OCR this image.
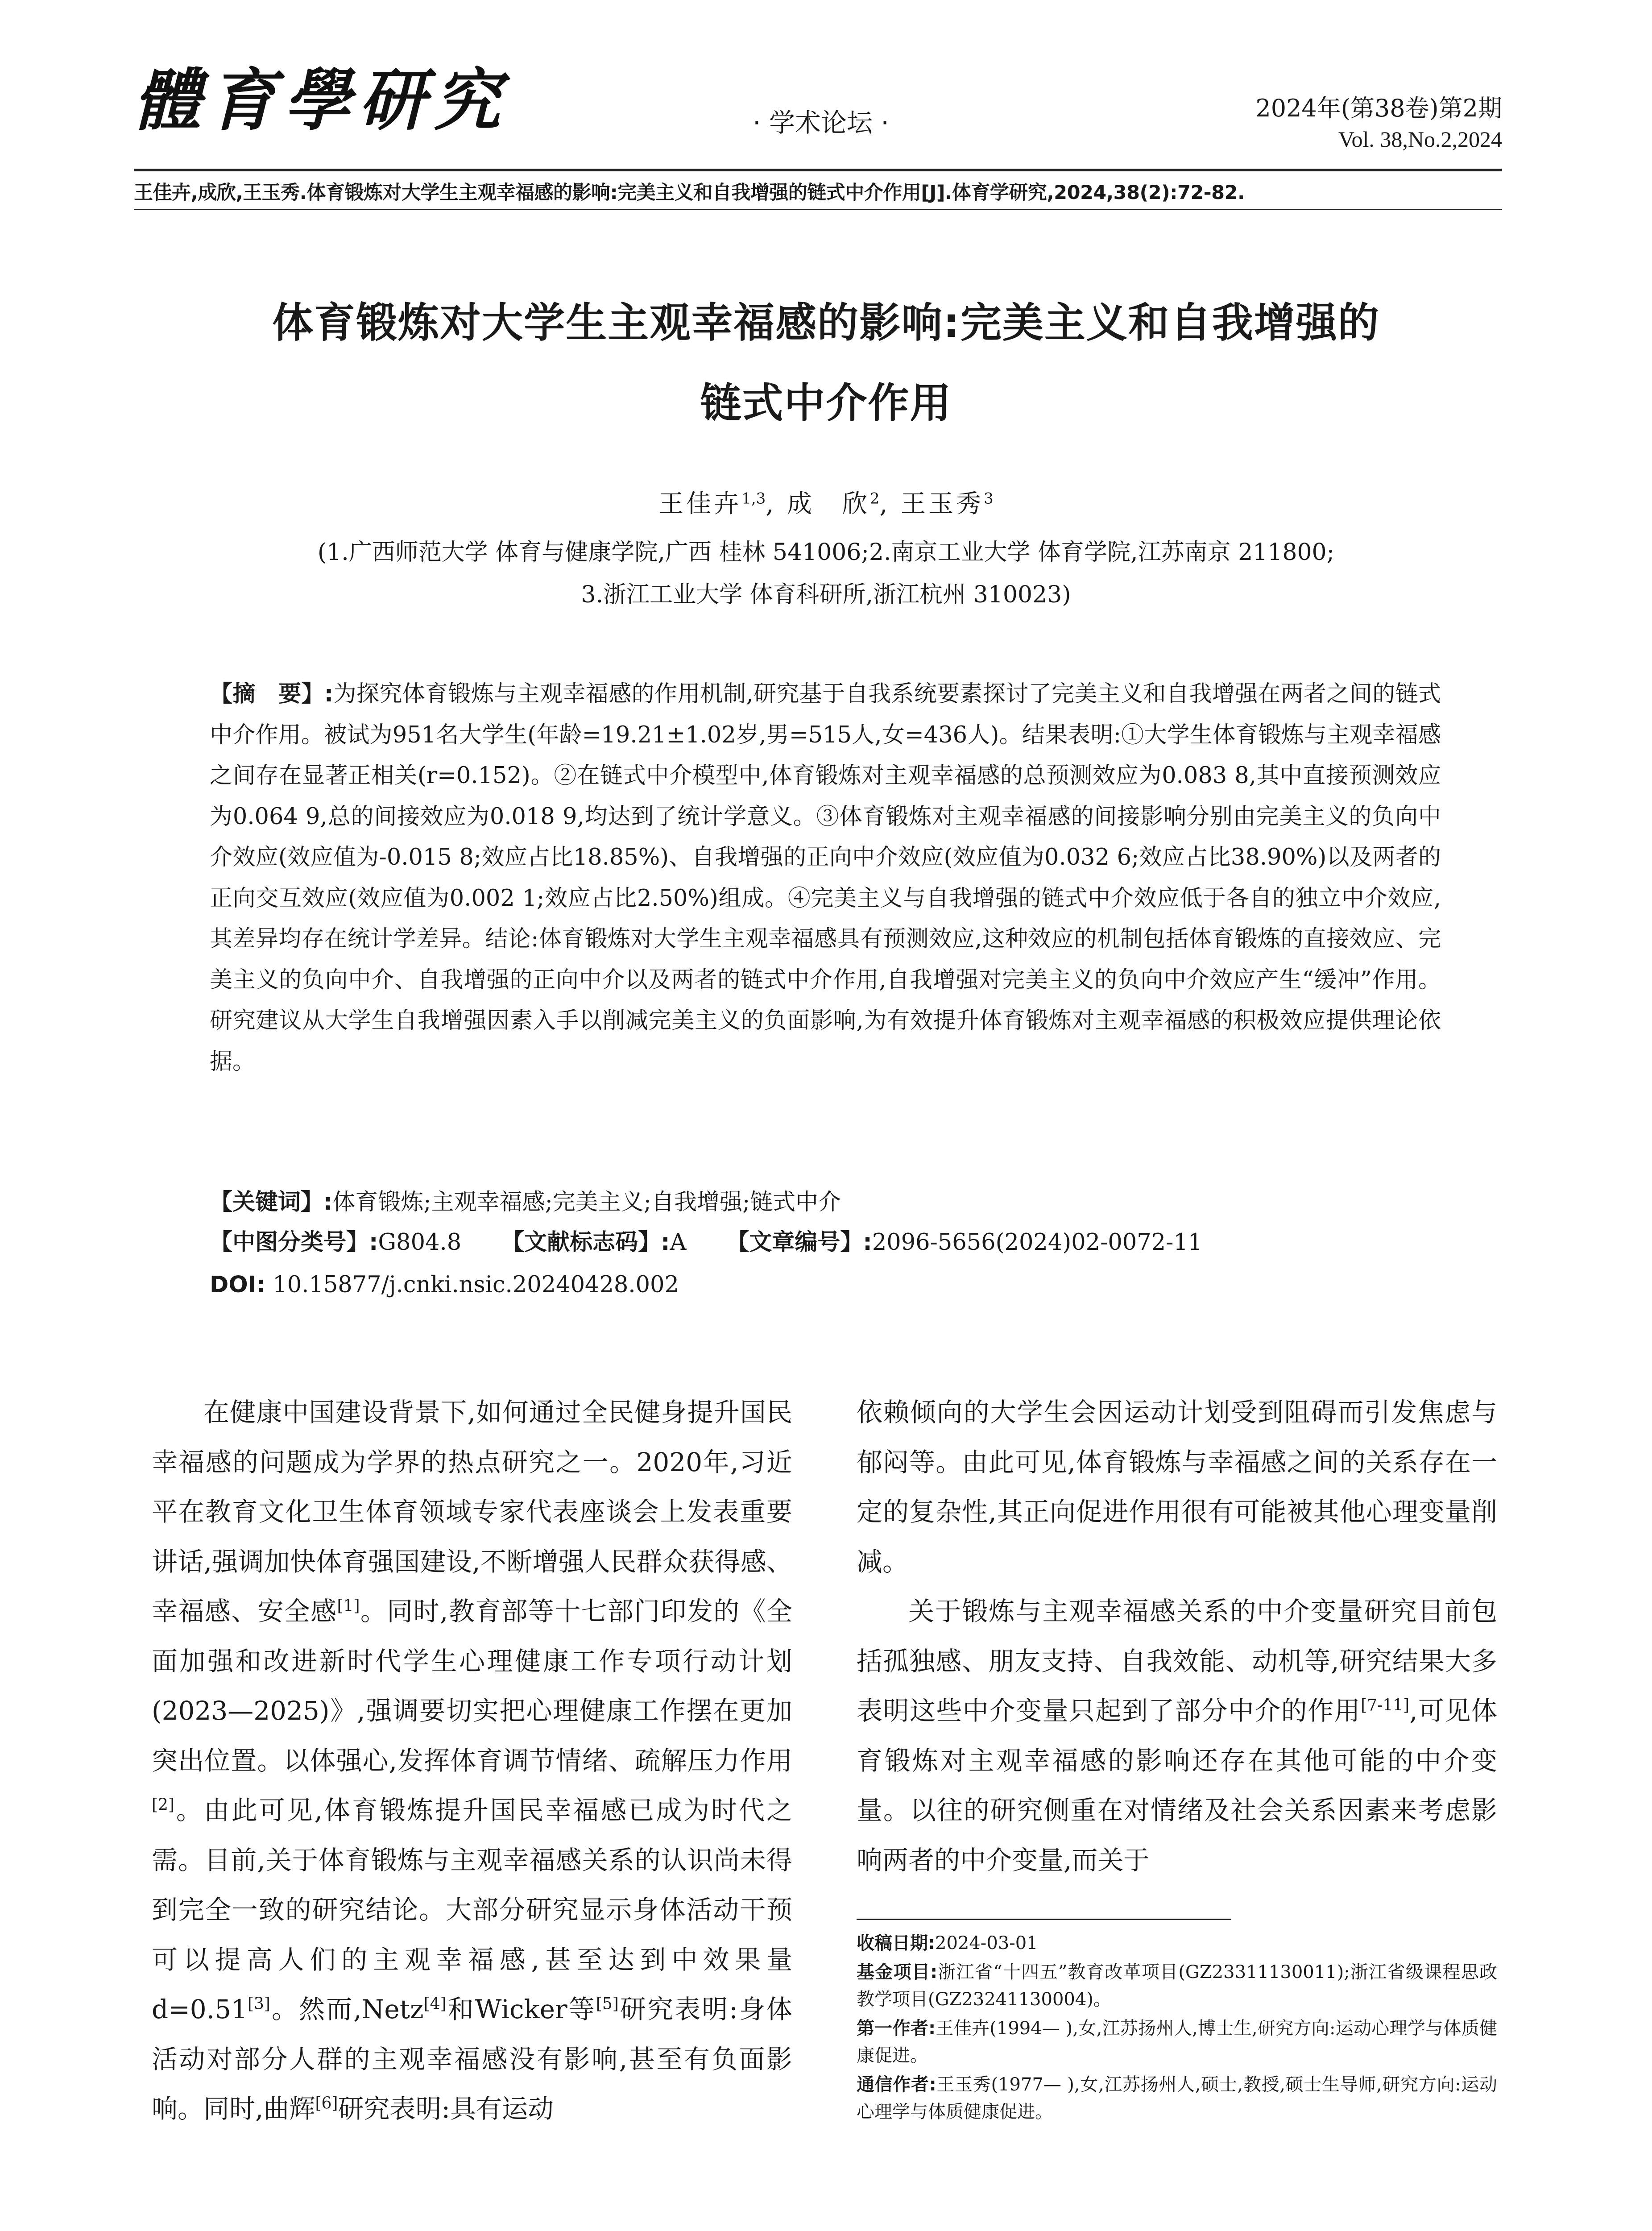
體育學研究	· 学术论坛 ·	2024年(第38卷)第2期
Vol. 38,No.2,2024
王佳卉,成欣,王玉秀.体育锻炼对大学生主观幸福感的影响:完美主义和自我增强的链式中介作用[J].体育学研究,2024,38(2):72-82.
体育锻炼对大学生主观幸福感的影响:完美主义和自我增强的
链式中介作用
王佳卉$^{1,3}$, 成　欣$^2$, 王玉秀$^3$
(1.广西师范大学 体育与健康学院,广西 桂林 541006;2.南京工业大学 体育学院,江苏南京 211800;
3.浙江工业大学 体育科研所,浙江杭州 310023)
【摘　要】:为探究体育锻炼与主观幸福感的作用机制,研究基于自我系统要素探讨了完美主义和自我增强在两者之间的链式中介作用。被试为951名大学生(年龄=19.21±1.02岁,男=515人,女=436人)。结果表明:①大学生体育锻炼与主观幸福感之间存在显著正相关(r=0.152)。②在链式中介模型中,体育锻炼对主观幸福感的总预测效应为0.083 8,其中直接预测效应为0.064 9,总的间接效应为0.018 9,均达到了统计学意义。③体育锻炼对主观幸福感的间接影响分别由完美主义的负向中介效应(效应值为-0.015 8;效应占比18.85%)、自我增强的正向中介效应(效应值为0.032 6;效应占比38.90%)以及两者的正向交互效应(效应值为0.002 1;效应占比2.50%)组成。④完美主义与自我增强的链式中介效应低于各自的独立中介效应,其差异均存在统计学差异。结论:体育锻炼对大学生主观幸福感具有预测效应,这种效应的机制包括体育锻炼的直接效应、完美主义的负向中介、自我增强的正向中介以及两者的链式中介作用,自我增强对完美主义的负向中介效应产生“缓冲”作用。研究建议从大学生自我增强因素入手以削减完美主义的负面影响,为有效提升体育锻炼对主观幸福感的积极效应提供理论依据。
【关键词】:体育锻炼;主观幸福感;完美主义;自我增强;链式中介
【中图分类号】:G804.8 【文献标志码】:A 【文章编号】:2096-5656(2024)02-0072-11
DOI: 10.15877/j.cnki.nsic.20240428.002

在健康中国建设背景下,如何通过全民健身提升国民幸福感的问题成为学界的热点研究之一。2020年,习近平在教育文化卫生体育领域专家代表座谈会上发表重要讲话,强调加快体育强国建设,不断增强人民群众获得感、幸福感、安全感[1]。同时,教育部等十七部门印发的《全面加强和改进新时代学生心理健康工作专项行动计划(2023—2025)》,强调要切实把心理健康工作摆在更加突出位置。以体强心,发挥体育调节情绪、疏解压力作用[2]。由此可见,体育锻炼提升国民幸福感已成为时代之需。目前,关于体育锻炼与主观幸福感关系的认识尚未得到完全一致的研究结论。大部分研究显示身体活动干预可以提高人们的主观幸福感,甚至达到中效果量d=0.51[3]。然而,Netz[4]和Wicker等[5]研究表明:身体活动对部分人群的主观幸福感没有影响,甚至有负面影响。同时,曲辉[6]研究表明:具有运动

依赖倾向的大学生会因运动计划受到阻碍而引发焦虑与郁闷等。由此可见,体育锻炼与幸福感之间的关系存在一定的复杂性,其正向促进作用很有可能被其他心理变量削减。

关于锻炼与主观幸福感关系的中介变量研究目前包括孤独感、朋友支持、自我效能、动机等,研究结果大多表明这些中介变量只起到了部分中介的作用[7-11],可见体育锻炼对主观幸福感的影响还存在其他可能的中介变量。以往的研究侧重在对情绪及社会关系因素来考虑影响两者的中介变量,而关于

收稿日期:2024-03-01
基金项目:浙江省“十四五”教育改革项目(GZ23311130011);浙江省级课程思政教学项目(GZ23241130004)。
第一作者:王佳卉(1994— ),女,江苏扬州人,博士生,研究方向:运动心理学与体质健康促进。
通信作者:王玉秀(1977— ),女,江苏扬州人,硕士,教授,硕士生导师,研究方向:运动心理学与体质健康促进。
